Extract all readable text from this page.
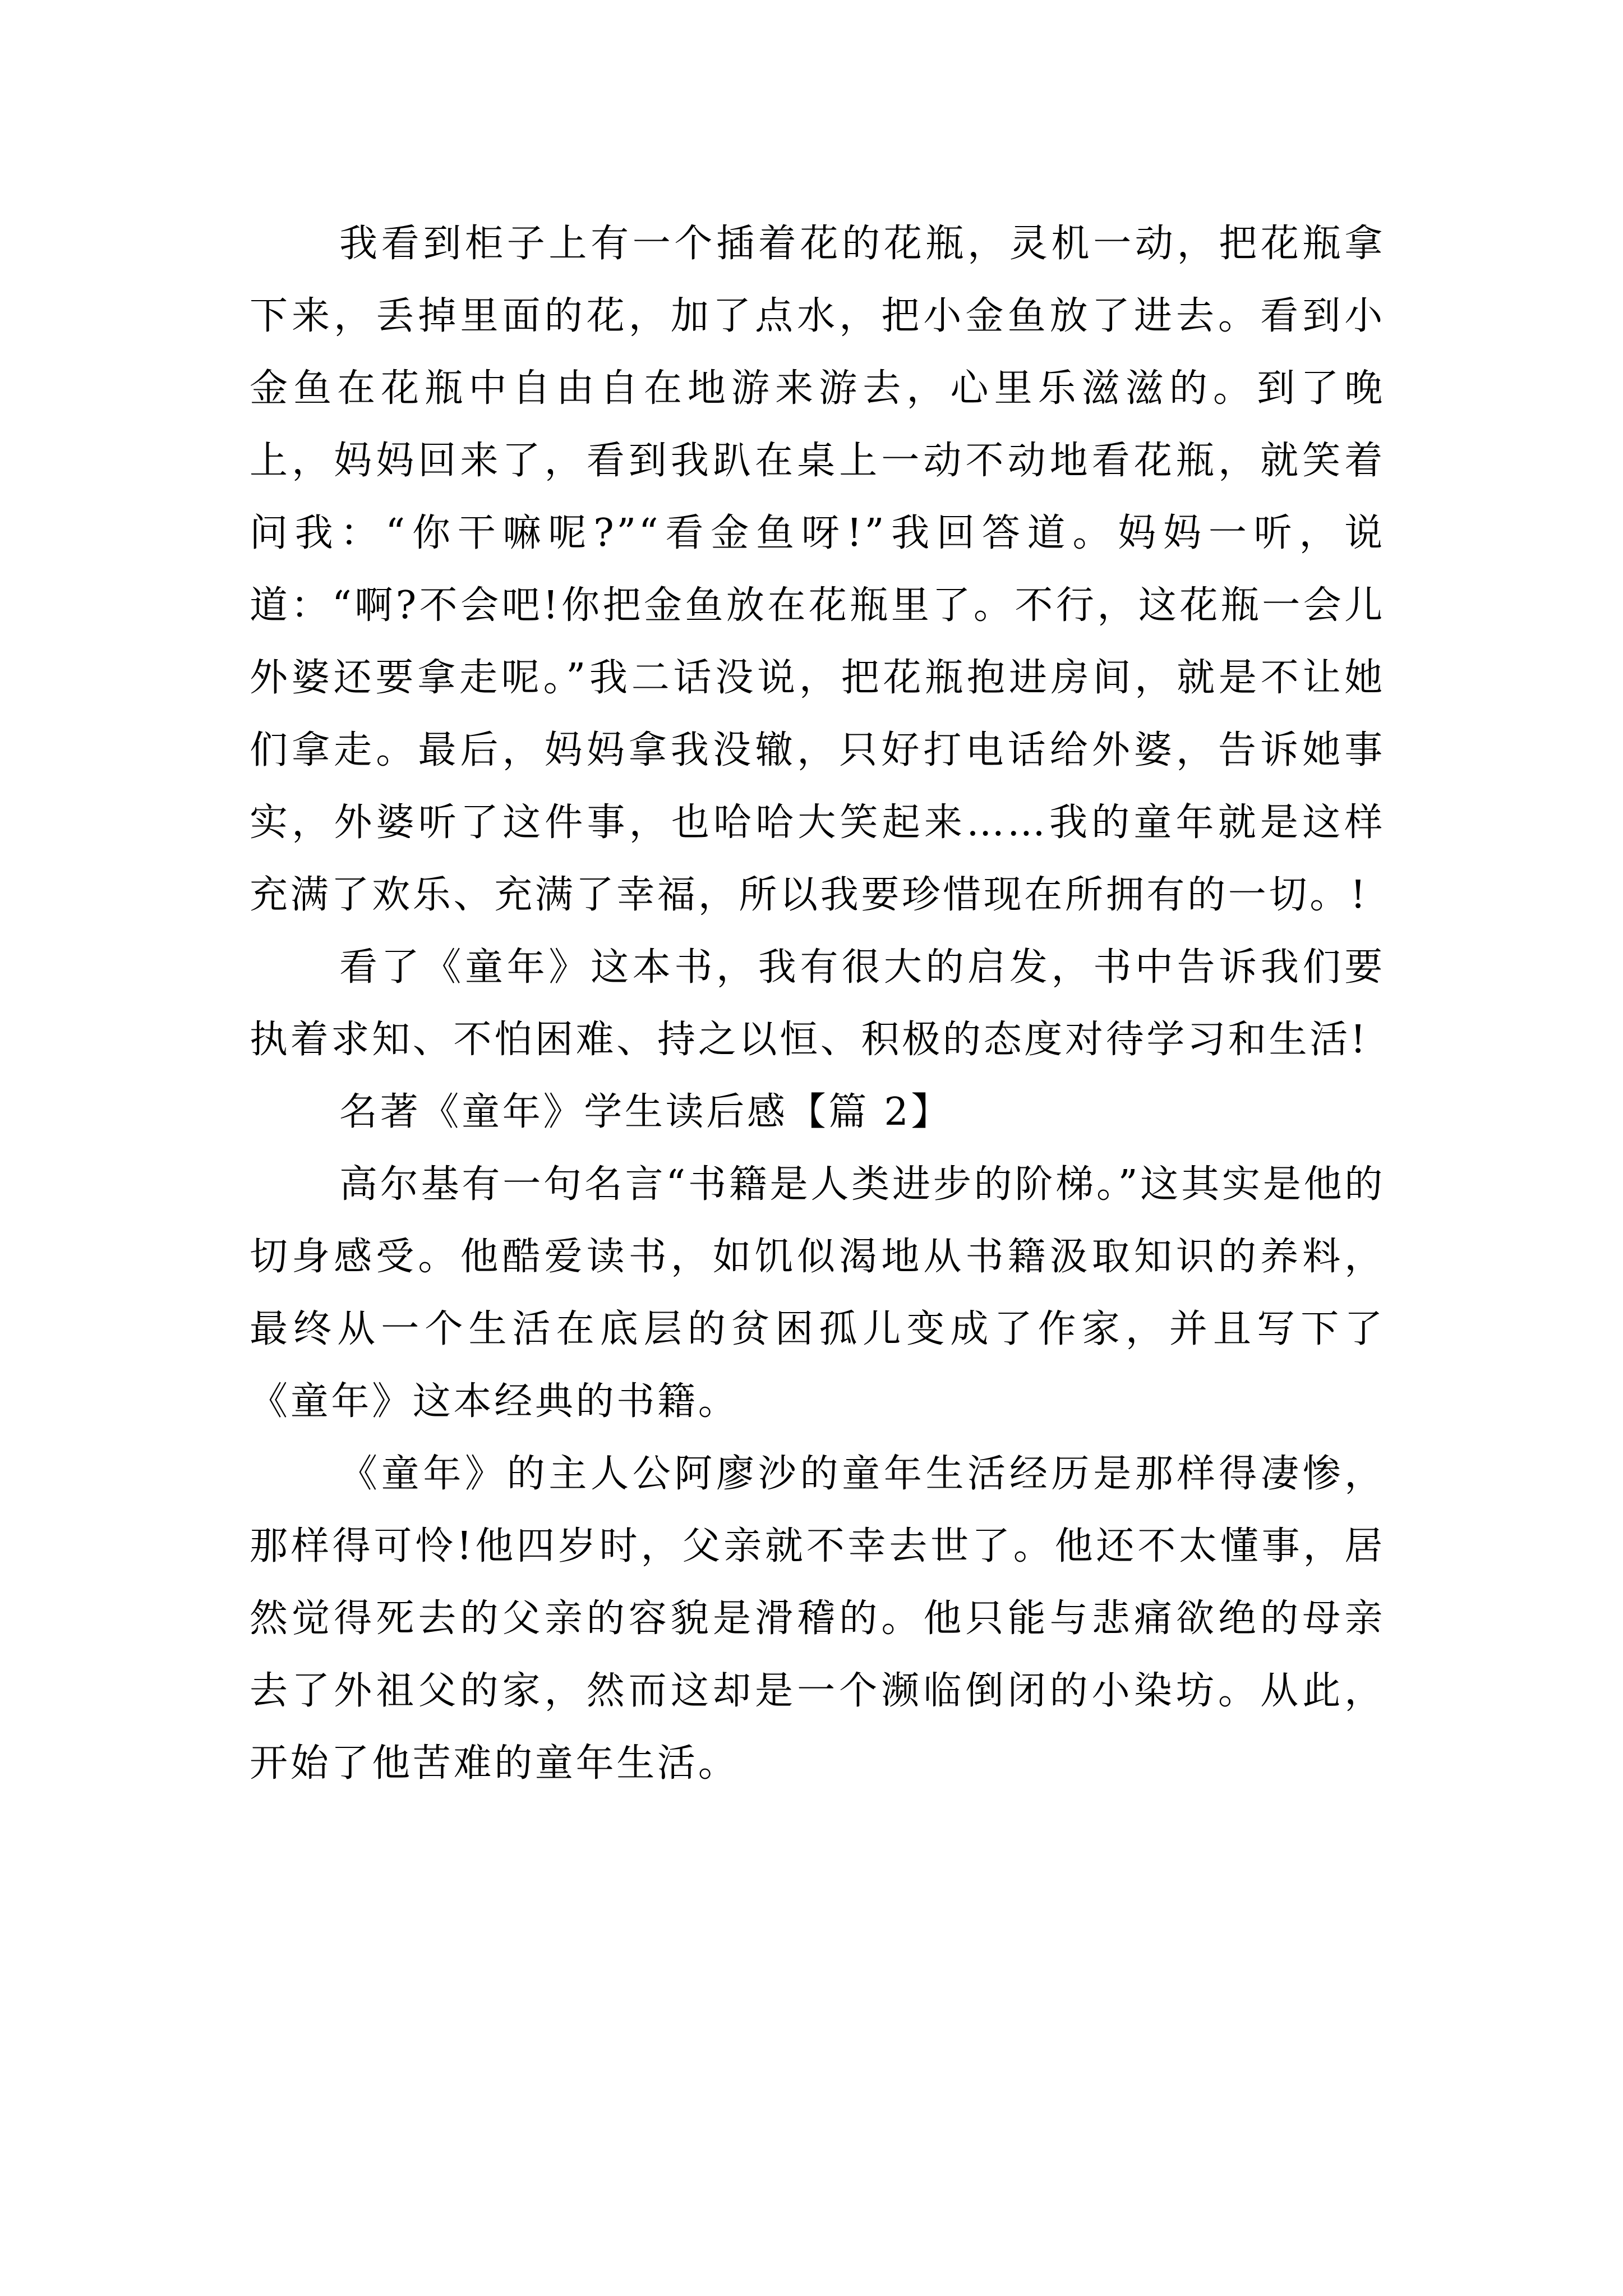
我看到柜子上有一个插着花的花瓶，灵机一动，把花瓶拿下来，丢掉里面的花，加了点水，把小金鱼放了进去。看到小金鱼在花瓶中自由自在地游来游去，心里乐滋滋的。到了晚上，妈妈回来了，看到我趴在桌上一动不动地看花瓶，就笑着问我：“你干嘛呢?”“看金鱼呀!”我回答道。妈妈一听，说道：“啊?不会吧!你把金鱼放在花瓶里了。不行，这花瓶一会儿外婆还要拿走呢。”我二话没说，把花瓶抱进房间，就是不让她们拿走。最后，妈妈拿我没辙，只好打电话给外婆，告诉她事实，外婆听了这件事，也哈哈大笑起来……我的童年就是这样充满了欢乐、充满了幸福，所以我要珍惜现在所拥有的一切。!

看了《童年》这本书，我有很大的启发，书中告诉我们要执着求知、不怕困难、持之以恒、积极的态度对待学习和生活!

名著《童年》学生读后感【篇 2】

高尔基有一句名言“书籍是人类进步的阶梯。”这其实是他的切身感受。他酷爱读书，如饥似渴地从书籍汲取知识的养料，最终从一个生活在底层的贫困孤儿变成了作家，并且写下了《童年》这本经典的书籍。

《童年》的主人公阿廖沙的童年生活经历是那样得凄惨，那样得可怜!他四岁时，父亲就不幸去世了。他还不太懂事，居然觉得死去的父亲的容貌是滑稽的。他只能与悲痛欲绝的母亲去了外祖父的家，然而这却是一个濒临倒闭的小染坊。从此，开始了他苦难的童年生活。
